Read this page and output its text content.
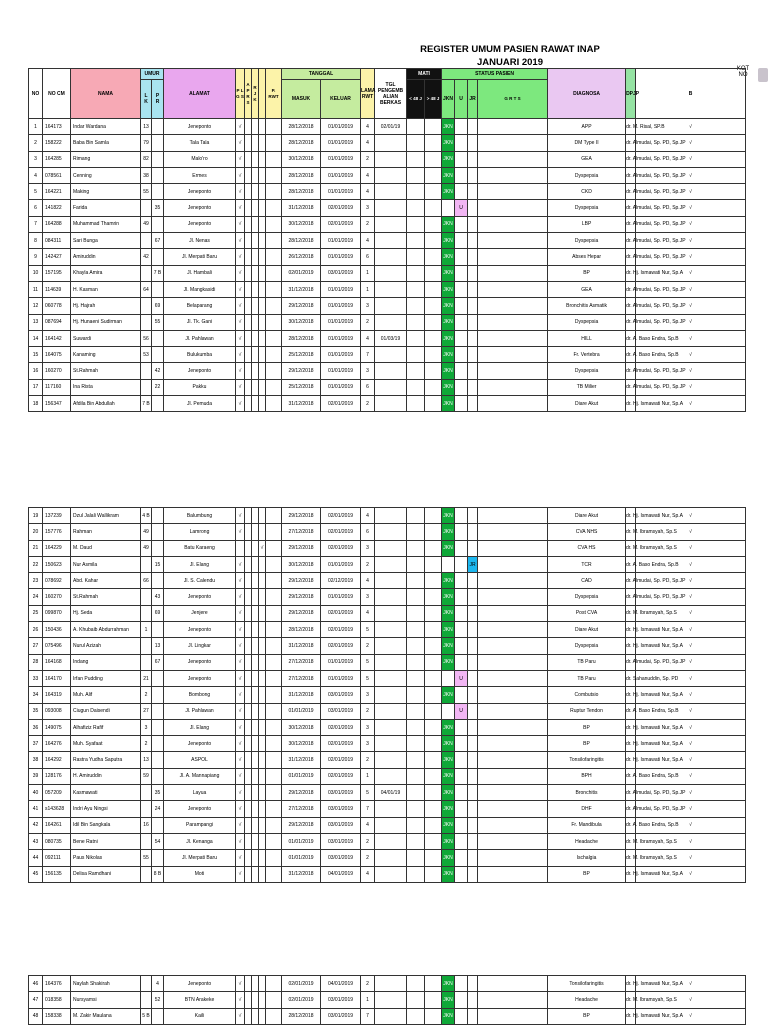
REGISTER UMUM PASIEN RAWAT INAP
JANUARI 2019
KOT NO
NO	NO CM	NAMA	UMUR		ALAMAT	P L G S	A P R S	R J K		P. RWT	TANGGAL		LAMA RWT	TGL PENGEMB ALIAN BERKAS	MATI		STATUS PASIEN				DIAGNOSA	DPJP	B
			L
K	P
R							MASUK	KELUAR			< 48 J	> 48 J	JKN	U	JR	G R T S			
1	164173	Indar Wardana	13		Jeneponto	√					28/12/2018	01/01/2019	4	02/01/19			JKN				APP	dr. M. Risal, SP.B	√
2	158222	Baba Bin Samla	79		Tala Tala	√					28/12/2018	01/01/2019	4				JKN				DM Type II	dr. Almudai, Sp. PD, Sp.JP	√
3	164285	Rimang	82		Malo'ro	√					30/12/2018	01/01/2019	2				JKN				GEA	dr. Almudai, Sp. PD, Sp.JP	√
4	078561	Cenning	38		Ermes	√					28/12/2018	01/01/2019	4				JKN				Dyspepsia	dr. Almudai, Sp. PD, Sp.JP	√
5	164221	Making	55		Jeneponto	√					28/12/2018	01/01/2019	4				JKN				CKD	dr. Almudai, Sp. PD, Sp.JP	√
6	141822	Farida		35	Jeneponto	√					31/12/2018	02/01/2019	3					U			Dyspepsia	dr. Almudai, Sp. PD, Sp.JP	√
7	164288	Muhammad Thamrin	49		Jeneponto	√					30/12/2018	02/01/2019	2				JKN				LBP	dr. Almudai, Sp. PD, Sp.JP	√
8	084311	Sari Bunga		67	Jl. Nenas	√					28/12/2018	01/01/2019	4				JKN				Dyspepsia	dr. Almudai, Sp. PD, Sp.JP	√
9	142427	Amiruddin	42		Jl. Merpati Baru	√					26/12/2018	01/01/2019	6				JKN				Abses Hepar	dr. Almudai, Sp. PD, Sp.JP	√
10	157195	Khayla Amira		7 B	Jl. Hambali	√					02/01/2019	03/01/2019	1				JKN				BP	dr. Hj. Ismawati Nur, Sp.A	√
11	114639	H. Kasman	64		Jl. Mangkasidi	√					31/12/2018	01/01/2019	1				JKN				GEA	dr. Almudai, Sp. PD, Sp.JP	√
12	060778	Hj. Hajrah		69	Belaparang	√					29/12/2018	01/01/2019	3				JKN				Bronchitis Asmatik	dr. Almudai, Sp. PD, Sp.JP	√
13	087694	Hj. Hunaeni Sudirman		55	Jl. Tk. Gani	√					30/12/2018	01/01/2019	2				JKN				Dyspepsia	dr. Almudai, Sp. PD, Sp.JP	√
14	164142	Suwardi	56		Jl. Pahlawan	√					28/12/2018	01/01/2019	4	01/03/19			JKN				HILL	dr. A. Baso Endra, Sp.B	√
15	164075	Kanaming	53		Bulukumba	√					25/12/2018	01/01/2019	7				JKN				Fr. Vertebra	dr. A. Baso Endra, Sp.B	√
16	160270	St.Rahmah		42	Jeneponto	√					29/12/2018	01/01/2019	3				JKN				Dyspepsia	dr. Almudai, Sp. PD, Sp.JP	√
17	117160	Ina Rista		22	Pakku	√					25/12/2018	01/01/2019	6				JKN				TB Milier	dr. Almudai, Sp. PD, Sp.JP	√
18	156347	Afdila Bin Abdullah	7 B		Jl. Pemuda	√					31/12/2018	02/01/2019	2				JKN				Diare Akut	dr. Hj. Ismawati Nur, Sp.A	√
19	137239	Dzul Jalali Wallikram	4 B		Balumbung	√					29/12/2018	02/01/2019	4				JKN				Diare Akut	dr. Hj. Ismawati Nur, Sp.A	√
20	157776	Rahman	49		Lamrong	√					27/12/2018	02/01/2019	6				JKN				CVA NHS	dr. M. Ibramsyah, Sp.S	√
21	164229	M. Daud	49		Batu Karaeng				√		29/12/2018	02/01/2019	3				JKN				CVA HS	dr. M. Ibramsyah, Sp.S	√
22	150623	Nur Asmila		15	Jl. Elang	√					30/12/2018	01/01/2019	2						JR		TCR	dr. A. Baso Endra, Sp.B	√
23	078692	Abd. Kahar	66		Jl. S. Calendu	√					29/12/2018	02/12/2019	4				JKN				CAD	dr. Almudai, Sp. PD, Sp.JP	√
24	160270	St.Rahmah		43	Jeneponto	√					29/12/2018	01/01/2019	3				JKN				Dyspepsia	dr. Almudai, Sp. PD, Sp.JP	√
25	099870	Hj. Seda		69	Jenjere	√					29/12/2018	02/01/2019	4				JKN				Post CVA	dr. M. Ibramsyah, Sp.S	√
26	150436	A. Khubaib Abdurrahman	1		Jeneponto	√					28/12/2018	02/01/2019	5				JKN				Diare Akut	dr. Hj. Ismawati Nur, Sp.A	√
27	075496	Nurul Azizah		13	Jl. Lingkar	√					31/12/2018	02/01/2019	2				JKN				Dyspepsia	dr. Hj. Ismawati Nur, Sp.A	√
28	164168	Indang		67	Jeneponto	√					27/12/2018	01/01/2019	5				JKN				TB Paru	dr. Almudai, Sp. PD, Sp.JP	√
33	164170	Irfan Pudding	21		Jeneponto	√					27/12/2018	01/01/2019	5					U			TB Paru	dr. Sahanuddin, Sp. PD	√
34	164319	Muh. Alif	2		Bombong	√					31/12/2018	03/01/2019	3				JKN				Combutsio	dr. Hj. Ismawati Nur, Sp.A	√
35	093008	Ciugun Daisendi	27		Jl. Pahlawan	√					01/01/2019	03/01/2019	2					U			Ruptur Tendon	dr. A. Baso Endra, Sp.B	√
36	149075	Alhafiziz Rafif	3		Jl. Elang	√					30/12/2018	02/01/2019	3				JKN				BP	dr. Hj. Ismawati Nur, Sp.A	√
37	164276	Muh. Syafaat	2		Jeneponto	√					30/12/2018	02/01/2019	3				JKN				BP	dr. Hj. Ismawati Nur, Sp.A	√
38	164292	Rastra Yudha Saputra	13		ASPOL	√					31/12/2018	02/01/2019	2				JKN				Tonsilofaringitis	dr. Hj. Ismawati Nur, Sp.A	√
39	128176	H. Amiruddin	59		Jl. A. Mannapiang	√					01/01/2019	02/01/2019	1				JKN				BPH	dr. A. Baso Endra, Sp.B	√
40	057209	Kasmawati		35	Layua	√					29/12/2018	03/01/2019	5	04/01/19			JKN				Bronchitis	dr. Almudai, Sp. PD, Sp.JP	√
41	s143628	Indri Ayu Ningsi		24	Jeneponto	√					27/12/2018	03/01/2019	7				JKN				DHF	dr. Almudai, Sp. PD, Sp.JP	√
42	164261	Idil Bin Sangkala	16		Parampangi	√					29/12/2018	03/01/2019	4				JKN				Fr. Mandibula	dr. A. Baso Endra, Sp.B	√
43	080735	Bene Ratni		54	Jl. Kenanga	√					01/01/2019	03/01/2019	2				JKN				Headache	dr. M. Ibramsyah, Sp.S	√
44	092111	Paus Nikolas	55		Jl. Merpati Baru	√					01/01/2019	03/01/2019	2				JKN				Ischalgia	dr. M. Ibramsyah, Sp.S	√
45	156135	Delisa Ramdhani		8 B	Moti	√					31/12/2018	04/01/2019	4				JKN				BP	dr. Hj. Ismawati Nur, Sp.A	√
46	164376	Naylah Shakirah		4	Jeneponto	√					02/01/2019	04/01/2019	2				JKN				Tonsilofaringitis	dr. Hj. Ismawati Nur, Sp.A	√
47	018358	Nursyamsi		52	BTN Arakeke	√					02/01/2019	03/01/2019	1				JKN				Headache	dr. M. Ibramsyah, Sp.S	√
48	158338	M. Zakir Maulana	5 B		Kaili	√					28/12/2018	03/01/2019	7				JKN				BP	dr. Hj. Ismawati Nur, Sp.A	√
